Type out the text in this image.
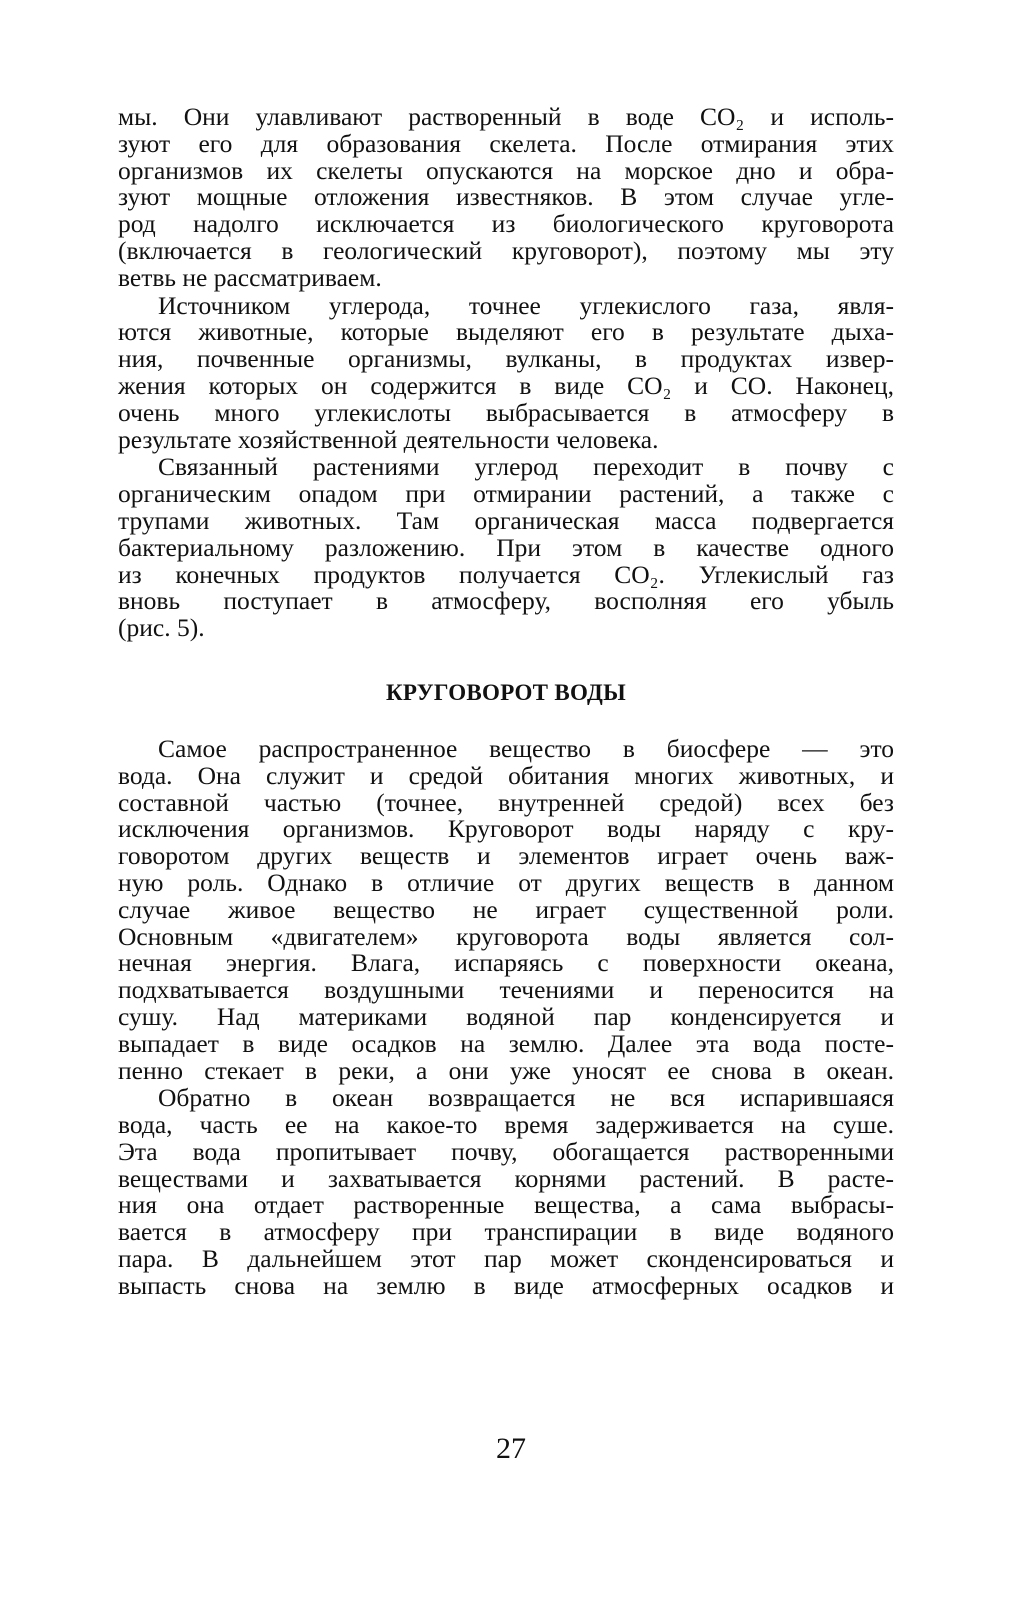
мы. Они улавливают растворенный в воде СО₂ и исполь-
зуют его для образования скелета. После отмирания этих
организмов их скелеты опускаются на морское дно и обра-
зуют мощные отложения известняков. В этом случае угле-
род надолго исключается из биологического круговорота
(включается в геологический круговорот), поэтому мы эту
ветвь не рассматриваем.
Источником углерода, точнее углекислого газа, явля-
ются животные, которые выделяют его в результате дыха-
ния, почвенные организмы, вулканы, в продуктах извер-
жения которых он содержится в виде СО₂ и СО. Наконец,
очень много углекислоты выбрасывается в атмосферу в
результате хозяйственной деятельности человека.
Связанный растениями углерод переходит в почву с
органическим опадом при отмирании растений, а также с
трупами животных. Там органичeская масса подвергается
бактериальному разложению. При этом в качестве одного
из конечных продуктов получается СО₂. Углекислый газ
вновь поступает в атмосферу, восполняя его убыль
(рис. 5).
КРУГОВОРОТ ВОДЫ
Самое распространенное вещество в биосфере — это
вода. Она служит и средой обитания многих животных, и
составной частью (точнее, внутренней средой) всех без
исключения организмов. Круговорот воды наряду с кру-
говоротом других веществ и элементов играет очень важ-
ную роль. Однако в отличие от других веществ в данном
случае живое вещество не играет существенной роли.
Основным «двигателем» круговорота воды является сол-
нечная энергия. Влага, испаряясь с поверхности океана,
подхватывается воздушными течениями и переносится на
сушу. Над материками водяной пар конденсируется и
выпадает в виде осадков на землю. Далее эта вода посте-
пенно стекает в реки, а они уже уносят ее снова в океан.
Обратно в океан возвращается не вся испарившаяся
вода, часть ее на какое-то время задерживается на суше.
Эта вода пропитывает почву, обогащается растворенными
веществами и захватывается корнями растений. В расте-
ния она отдает растворенные вещества, а сама выбрасы-
вается в атмосферу при транспирации в виде водяного
пара. В дальнейшем этот пар может сконденсироваться и
выпасть снова на землю в виде атмосферных осадков и
27
